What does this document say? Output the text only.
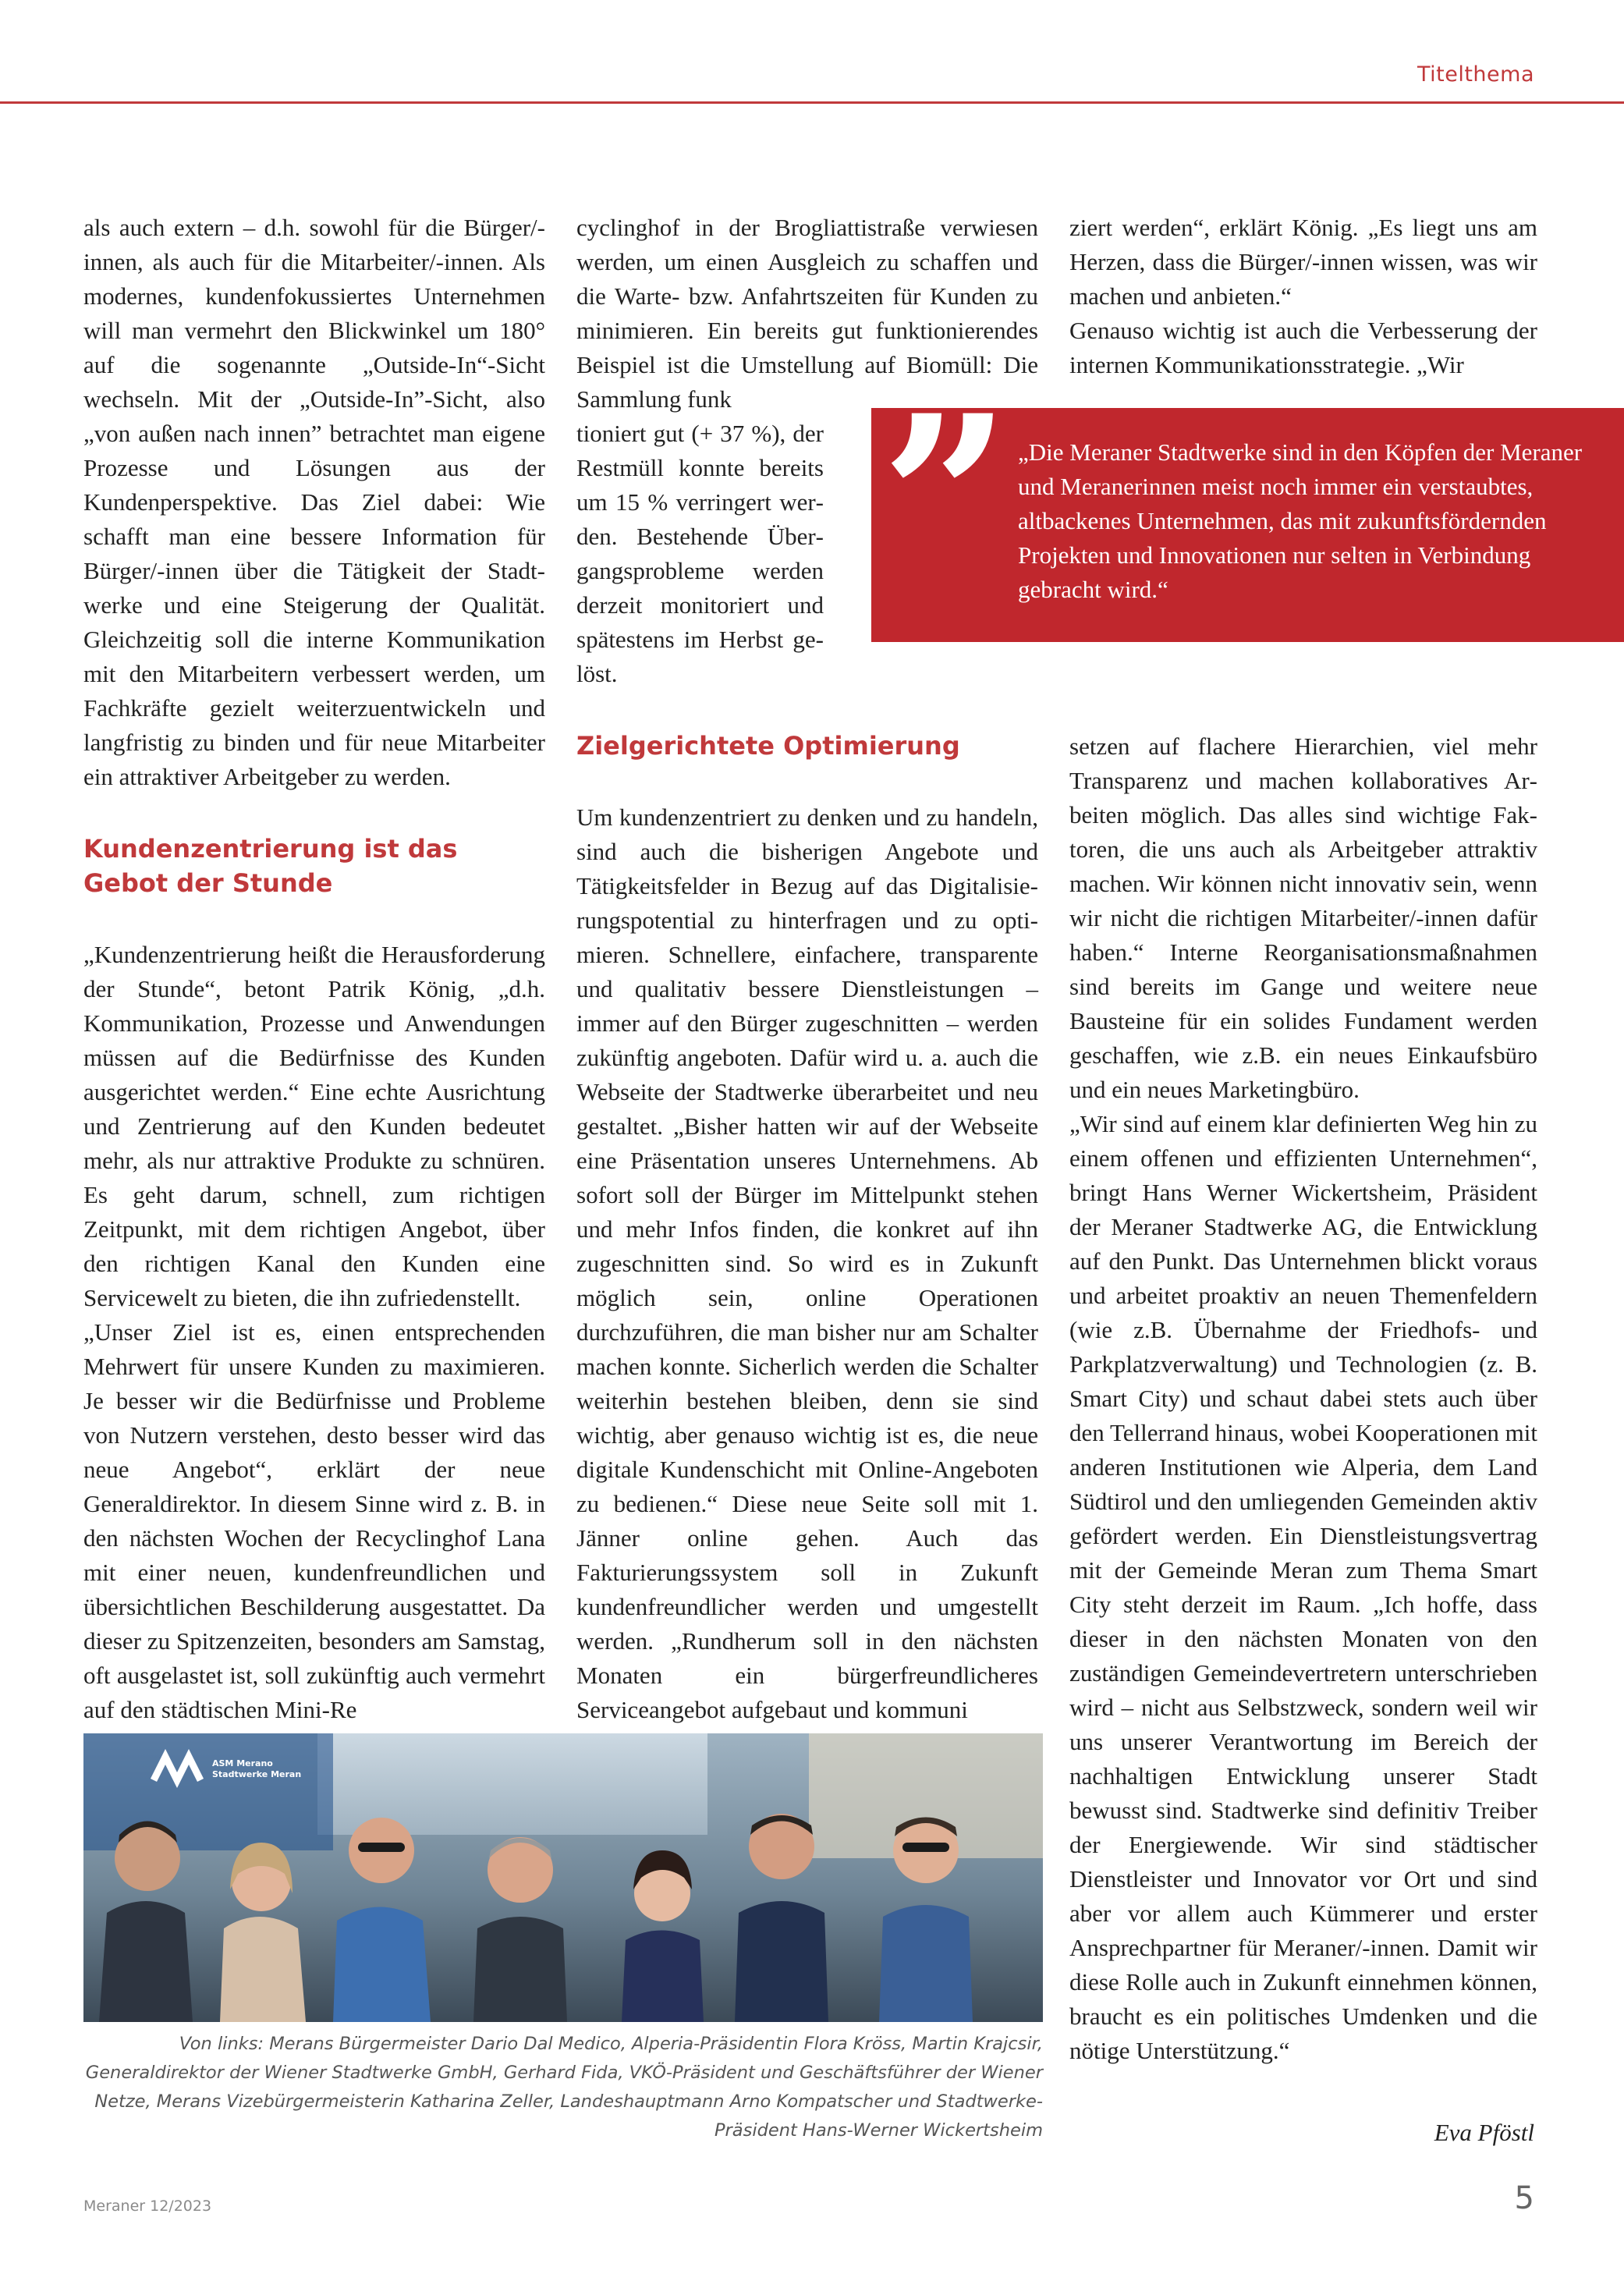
Titelthema

als auch extern – d.h. sowohl für die Bürger/-innen, als auch für die Mitarbeiter/-innen. Als modernes, kundenfokussiertes Unternehmen will man vermehrt den Blickwinkel um 180° auf die sogenannte „Outside-In“-Sicht wechseln. Mit der „Outside-In”-Sicht, also „von außen nach innen” betrachtet man eigene Prozesse und Lösungen aus der Kundenperspektive. Das Ziel dabei: Wie schafft man eine bessere Information für Bürger/-innen über die Tätigkeit der Stadtwerke und eine Steigerung der Qualität. Gleichzeitig soll die interne Kommunikation mit den Mitarbeitern verbessert werden, um Fachkräfte gezielt weiterzuentwickeln und langfristig zu binden und für neue Mitarbeiter ein attraktiver Arbeitgeber zu werden.

Kundenzentrierung ist das Gebot der Stunde

„Kundenzentrierung heißt die Herausforderung der Stunde“, betont Patrik König, „d.h. Kommunikation, Prozesse und Anwendungen müssen auf die Bedürfnisse des Kunden ausgerichtet werden.“ Eine echte Ausrichtung und Zentrierung auf den Kunden bedeutet mehr, als nur attraktive Produkte zu schnüren. Es geht darum, schnell, zum richtigen Zeitpunkt, mit dem richtigen Angebot, über den richtigen Kanal den Kunden eine Servicewelt zu bieten, die ihn zufriedenstellt.

„Unser Ziel ist es, einen entsprechenden Mehrwert für unsere Kunden zu maximieren. Je besser wir die Bedürfnisse und Probleme von Nutzern verstehen, desto besser wird das neue Angebot“, erklärt der neue Generaldirektor. In diesem Sinne wird z. B. in den nächsten Wochen der Recyclinghof Lana mit einer neuen, kundenfreundlichen und übersichtlichen Beschilderung ausgestattet. Da dieser zu Spitzenzeiten, besonders am Samstag, oft ausgelastet ist, soll zukünftig auch vermehrt auf den städtischen Mini-Re

cyclinghof in der Brogliattistraße verwiesen werden, um einen Ausgleich zu schaffen und die Warte- bzw. Anfahrtszeiten für Kunden zu minimieren. Ein bereits gut funktionierendes Beispiel ist die Umstellung auf Biomüll: Die Sammlung funk

tioniert gut (+ 37 %), der Restmüll konnte bereits um 15 % verringert werden. Bestehende Übergangsprobleme werden derzeit monitoriert und spätestens im Herbst gelöst.

Zielgerichtete Optimierung

Um kundenzentriert zu denken und zu handeln, sind auch die bisherigen Angebote und Tätigkeitsfelder in Bezug auf das Digitalisierungspotential zu hinterfragen und zu optimieren. Schnellere, einfachere, transparente und qualitativ bessere Dienstleistungen – immer auf den Bürger zugeschnitten – werden zukünftig angeboten. Dafür wird u. a. auch die Webseite der Stadtwerke überarbeitet und neu gestaltet. „Bisher hatten wir auf der Webseite eine Präsentation unseres Unternehmens. Ab sofort soll der Bürger im Mittelpunkt stehen und mehr Infos finden, die konkret auf ihn zugeschnitten sind. So wird es in Zukunft möglich sein, online Operationen durchzuführen, die man bisher nur am Schalter machen konnte. Sicherlich werden die Schalter weiterhin bestehen bleiben, denn sie sind wichtig, aber genauso wichtig ist es, die neue digitale Kundenschicht mit Online-Angeboten zu bedienen.“ Diese neue Seite soll mit 1. Jänner online gehen. Auch das Fakturierungssystem soll in Zukunft kundenfreundlicher werden und umgestellt werden. „Rundherum soll in den nächsten Monaten ein bürgerfreundlicheres Serviceangebot aufgebaut und kommuni

ziert werden“, erklärt König. „Es liegt uns am Herzen, dass die Bürger/-innen wissen, was wir machen und anbieten.“

Genauso wichtig ist auch die Verbesserung der internen Kommunikationsstrategie. „Wir

setzen auf flachere Hierarchien, viel mehr Transparenz und machen kollaboratives Arbeiten möglich. Das alles sind wichtige Faktoren, die uns auch als Arbeitgeber attraktiv machen. Wir können nicht innovativ sein, wenn wir nicht die richtigen Mitarbeiter/-innen dafür haben.“ Interne Reorganisationsmaßnahmen sind bereits im Gange und weitere neue Bausteine für ein solides Fundament werden geschaffen, wie z.B. ein neues Einkaufsbüro und ein neues Marketingbüro.

„Wir sind auf einem klar definierten Weg hin zu einem offenen und effizienten Unternehmen“, bringt Hans Werner Wickertsheim, Präsident der Meraner Stadtwerke AG, die Entwicklung auf den Punkt. Das Unternehmen blickt voraus und arbeitet proaktiv an neuen Themenfeldern (wie z.B. Übernahme der Friedhofs- und Parkplatzverwaltung) und Technologien (z. B. Smart City) und schaut dabei stets auch über den Tellerrand hinaus, wobei Kooperationen mit anderen Institutionen wie Alperia, dem Land Südtirol und den umliegenden Gemeinden aktiv gefördert werden. Ein Dienstleistungsvertrag mit der Gemeinde Meran zum Thema Smart City steht derzeit im Raum. „Ich hoffe, dass dieser in den nächsten Monaten von den zuständigen Gemeindevertretern unterschrieben wird – nicht aus Selbstzweck, sondern weil wir uns unserer Verantwortung im Bereich der nachhaltigen Entwicklung unserer Stadt bewusst sind. Stadtwerke sind definitiv Treiber der Energiewende. Wir sind städtischer Dienstleister und Innovator vor Ort und sind aber vor allem auch Kümmerer und erster Ansprechpartner für Meraner/-innen. Damit wir diese Rolle auch in Zukunft einnehmen können, braucht es ein politisches Umdenken und die nötige Unterstützung.“

” „Die Meraner Stadtwerke sind in den Köpfen der Meraner und Meranerinnen meist noch immer ein verstaubtes, altbackenes Unternehmen, das mit zukunftsfördernden Projekten und Innovationen nur selten in Verbindung gebracht wird.“
ASM Merano
Stadtwerke Meran
Von links: Merans Bürgermeister Dario Dal Medico, Alperia-Präsidentin Flora Kröss, Martin Krajcsir, Generaldirektor der Wiener Stadtwerke GmbH, Gerhard Fida, VKÖ-Präsident und Geschäftsführer der Wiener Netze, Merans Vizebürgermeisterin Katharina Zeller, Landeshauptmann Arno Kompatscher und Stadtwerke-Präsident Hans-Werner Wickertsheim	Eva Pföstl
Meraner 12/2023	5
